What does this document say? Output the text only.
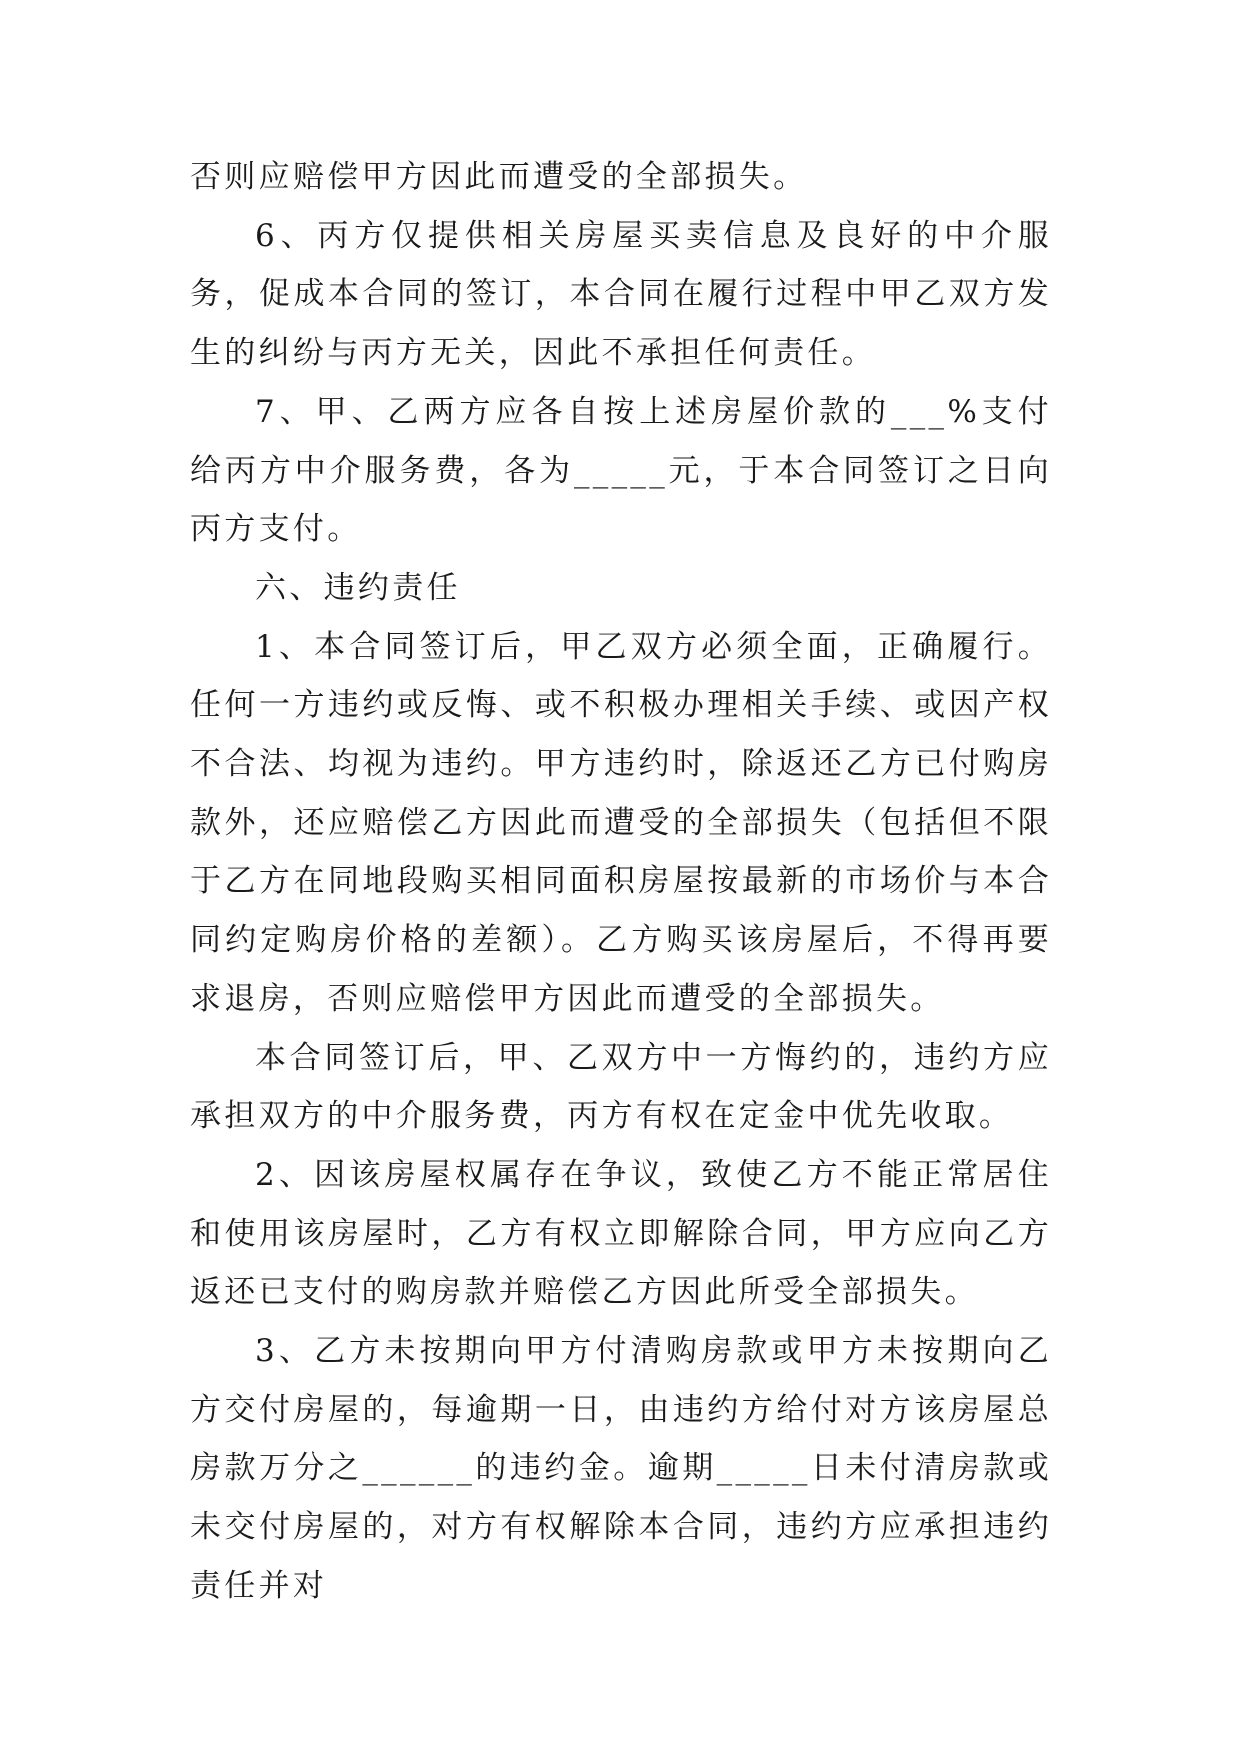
否则应赔偿甲方因此而遭受的全部损失。

6、丙方仅提供相关房屋买卖信息及良好的中介服务，促成本合同的签订，本合同在履行过程中甲乙双方发生的纠纷与丙方无关，因此不承担任何责任。

7、甲、乙两方应各自按上述房屋价款的___%支付给丙方中介服务费，各为_____元，于本合同签订之日向丙方支付。

六、违约责任

1、本合同签订后，甲乙双方必须全面，正确履行。任何一方违约或反悔、或不积极办理相关手续、或因产权不合法、均视为违约。甲方违约时，除返还乙方已付购房款外，还应赔偿乙方因此而遭受的全部损失（包括但不限于乙方在同地段购买相同面积房屋按最新的市场价与本合同约定购房价格的差额）。乙方购买该房屋后，不得再要求退房，否则应赔偿甲方因此而遭受的全部损失。

本合同签订后，甲、乙双方中一方悔约的，违约方应承担双方的中介服务费，丙方有权在定金中优先收取。

2、因该房屋权属存在争议，致使乙方不能正常居住和使用该房屋时，乙方有权立即解除合同，甲方应向乙方返还已支付的购房款并赔偿乙方因此所受全部损失。

3、乙方未按期向甲方付清购房款或甲方未按期向乙方交付房屋的，每逾期一日，由违约方给付对方该房屋总房款万分之______的违约金。逾期_____日未付清房款或未交付房屋的，对方有权解除本合同，违约方应承担违约责任并对
